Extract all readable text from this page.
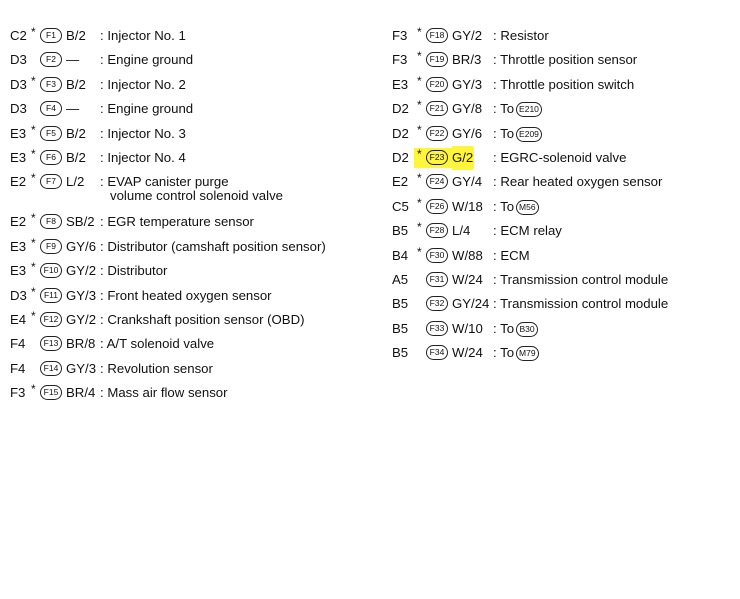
C2 *	F1 B/2 : Injector No. 1
D3	F2 — : Engine ground
D3 *	F3 B/2 : Injector No. 2
D3	F4 — : Engine ground
E3 *	F5 B/2 : Injector No. 3
E3 *	F6 B/2 : Injector No. 4
E2 *	F7 L/2 : EVAP canister purge
volume control solenoid valve
E2 *	F8 SB/2 : EGR temperature sensor
E3 *	F9 GY/6 : Distributor (camshaft position sensor)
E3 * F10 GY/2 : Distributor
D3 * F11 GY/3 : Front heated oxygen sensor
E4 * F12 GY/2 : Crankshaft position sensor (OBD)
F4	F13 BR/8 : A/T solenoid valve
F4	F14 GY/3 : Revolution sensor
F3 * F15 BR/4 : Mass air flow sensor
F3 * F18 GY/2 : Resistor
F3 * F19 BR/3 : Throttle position sensor
E3 * F20 GY/3 : Throttle position switch
D2 * F21 GY/8 : To E210
D2 * F22 GY/6 : To E209
D2 * F23 G/2 : EGRC-solenoid valve
E2 * F24 GY/4 : Rear heated oxygen sensor
C5 * F26 W/18 : To M56
B5 * F28 L/4 : ECM relay
B4 * F30 W/88 : ECM
A5	F31 W/24 : Transmission control module
B5	F32 GY/24 : Transmission control module
B5	F33 W/10 : To B30
B5	F34 W/24 : To M79
